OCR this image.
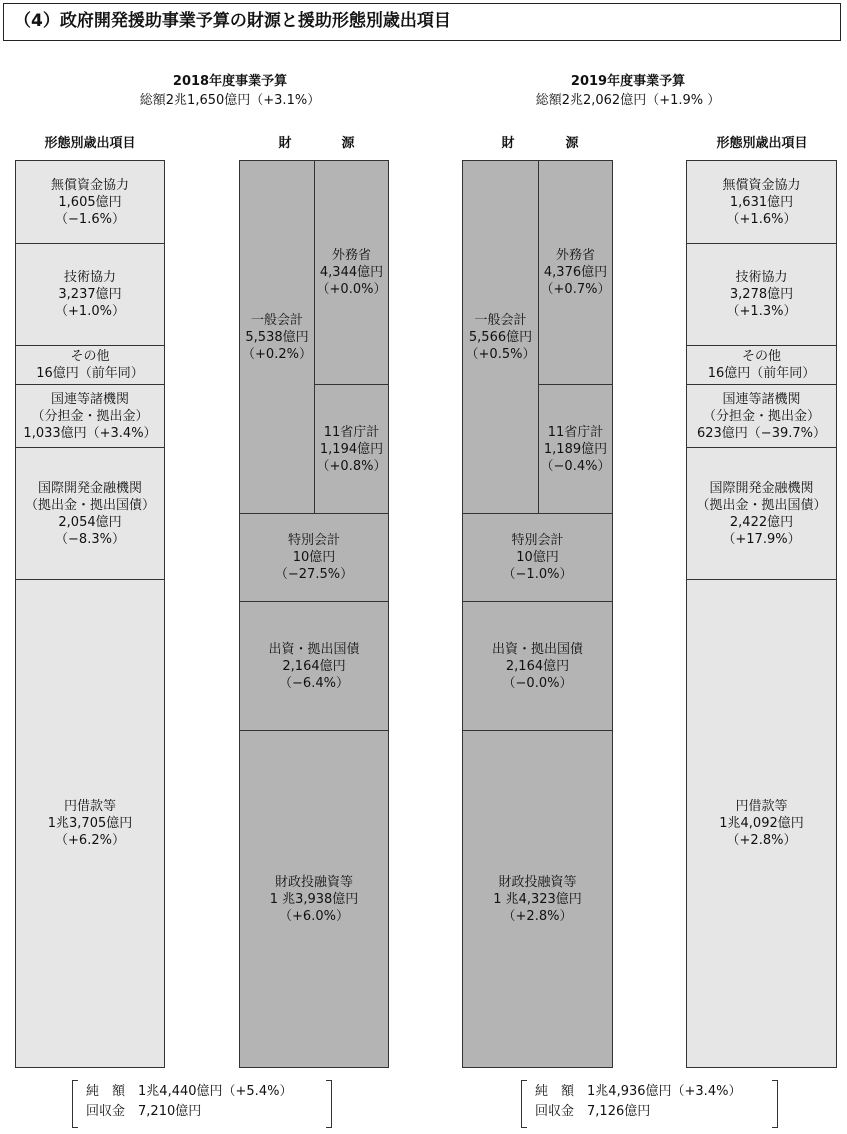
（4）政府開発援助事業予算の財源と援助形態別歳出項目
2018年度事業予算
総額2兆1,650億円（+3.1%）
2019年度事業予算
総額2兆2,062億円（+1.9% ）
形態別歳出項目	財	源	財	源	形態別歳出項目
無償資金協力
1,605億円
（−1.6%）
技術協力
3,237億円
（+1.0%）
その他
16億円（前年同）
国連等諸機関
（分担金・拠出金）
1,033億円（+3.4%）
国際開発金融機関
（拠出金・拠出国債）
2,054億円
（−8.3%）
円借款等
1兆3,705億円
（+6.2%）
一般会計
5,538億円
（+0.2%）
外務省
4,344億円
（+0.0%）
11省庁計
1,194億円
（+0.8%）
特別会計
10億円
（−27.5%）
出資・拠出国債
2,164億円
（−6.4%）
財政投融資等
1 兆3,938億円
（+6.0%）
一般会計
5,566億円
（+0.5%）
外務省
4,376億円
（+0.7%）
11省庁計
1,189億円
（−0.4%）
特別会計
10億円
（−1.0%）
出資・拠出国債
2,164億円
（−0.0%）
財政投融資等
1 兆4,323億円
（+2.8%）
無償資金協力
1,631億円
（+1.6%）
技術協力
3,278億円
（+1.3%）
その他
16億円（前年同）
国連等諸機関
（分担金・拠出金）
623億円（−39.7%）
国際開発金融機関
（拠出金・拠出国債）
2,422億円
（+17.9%）
円借款等
1兆4,092億円
（+2.8%）
純　額　 1兆4,440億円（+5.4%）
回収金　 7,210億円
純　額　 1兆4,936億円（+3.4%）
回収金　 7,126億円
